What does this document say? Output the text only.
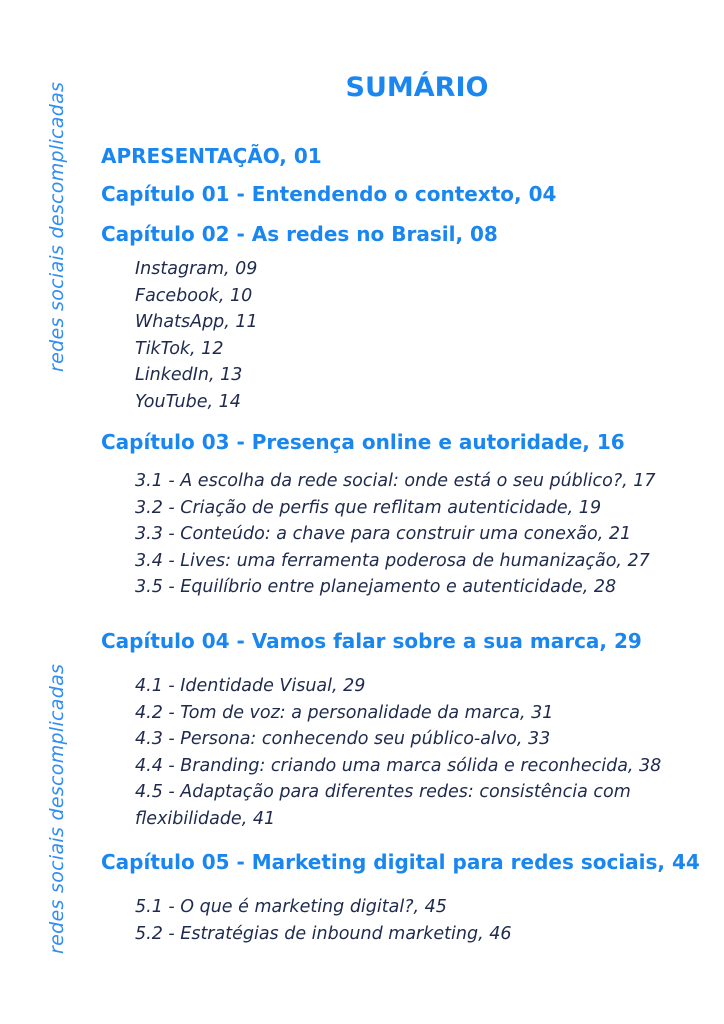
redes sociais descomplicadas
redes sociais descomplicadas
SUMÁRIO
APRESENTAÇÃO, 01
Capítulo 01 - Entendendo o contexto, 04
Capítulo 02 - As redes no Brasil, 08
Instagram, 09
Facebook, 10
WhatsApp, 11
TikTok, 12
LinkedIn, 13
YouTube, 14
Capítulo 03 - Presença online e autoridade, 16
3.1 - A escolha da rede social: onde está o seu público?, 17
3.2 - Criação de perfis que reflitam autenticidade, 19
3.3 - Conteúdo: a chave para construir uma conexão, 21
3.4 - Lives: uma ferramenta poderosa de humanização, 27
3.5 - Equilíbrio entre planejamento e autenticidade, 28
Capítulo 04 - Vamos falar sobre a sua marca, 29
4.1 - Identidade Visual, 29
4.2 - Tom de voz: a personalidade da marca, 31
4.3 - Persona: conhecendo seu público-alvo, 33
4.4 - Branding: criando uma marca sólida e reconhecida, 38
4.5 - Adaptação para diferentes redes: consistência com
flexibilidade, 41
Capítulo 05 - Marketing digital para redes sociais, 44
5.1 - O que é marketing digital?, 45
5.2 - Estratégias de inbound marketing, 46
